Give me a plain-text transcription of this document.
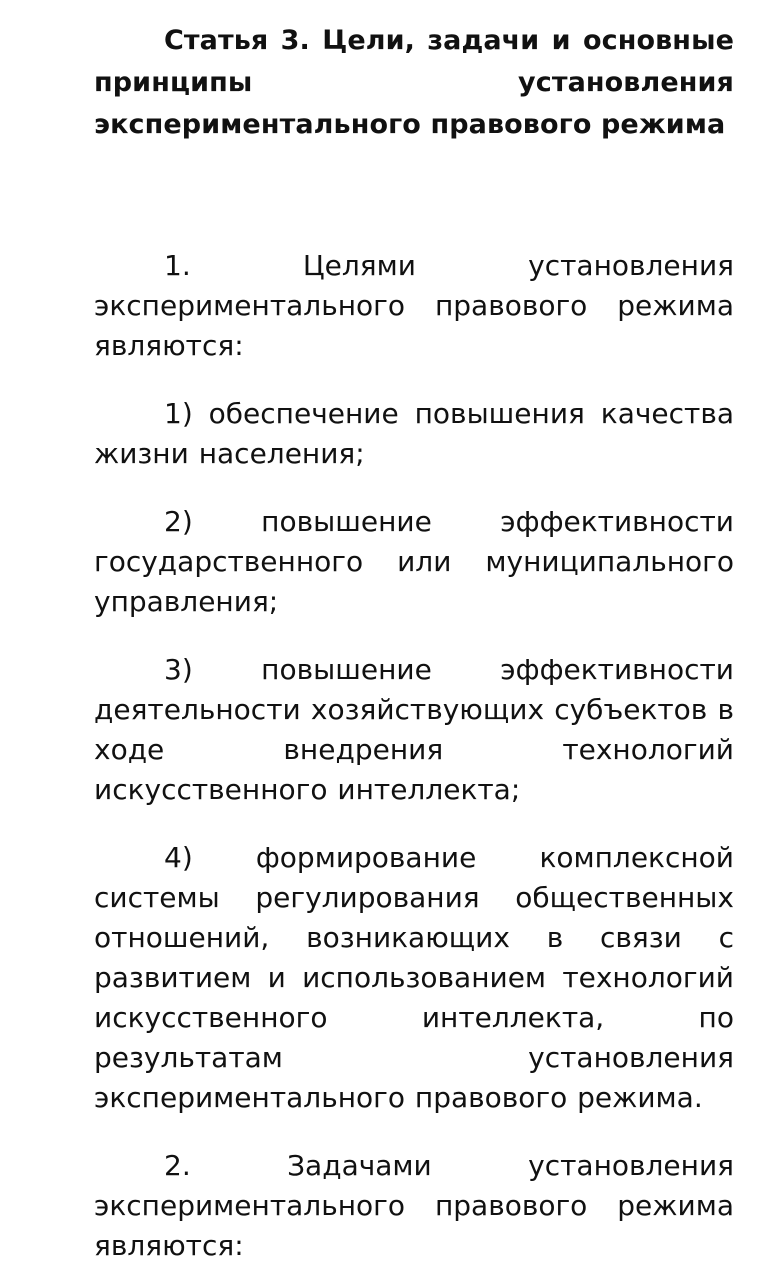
Статья 3. Цели, задачи и основные принципы установления экспериментального правового режима

1. Целями установления экспериментального правового режима являются:

1) обеспечение повышения качества жизни населения;

2) повышение эффективности государственного или муниципального управления;

3) повышение эффективности деятельности хозяйствующих субъектов в ходе внедрения технологий искусственного интеллекта;

4) формирование комплексной системы регулирования общественных отношений, возникающих в связи с развитием и использованием технологий искусственного интеллекта, по результатам установления экспериментального правового режима.

2. Задачами установления экспериментального правового режима являются:
